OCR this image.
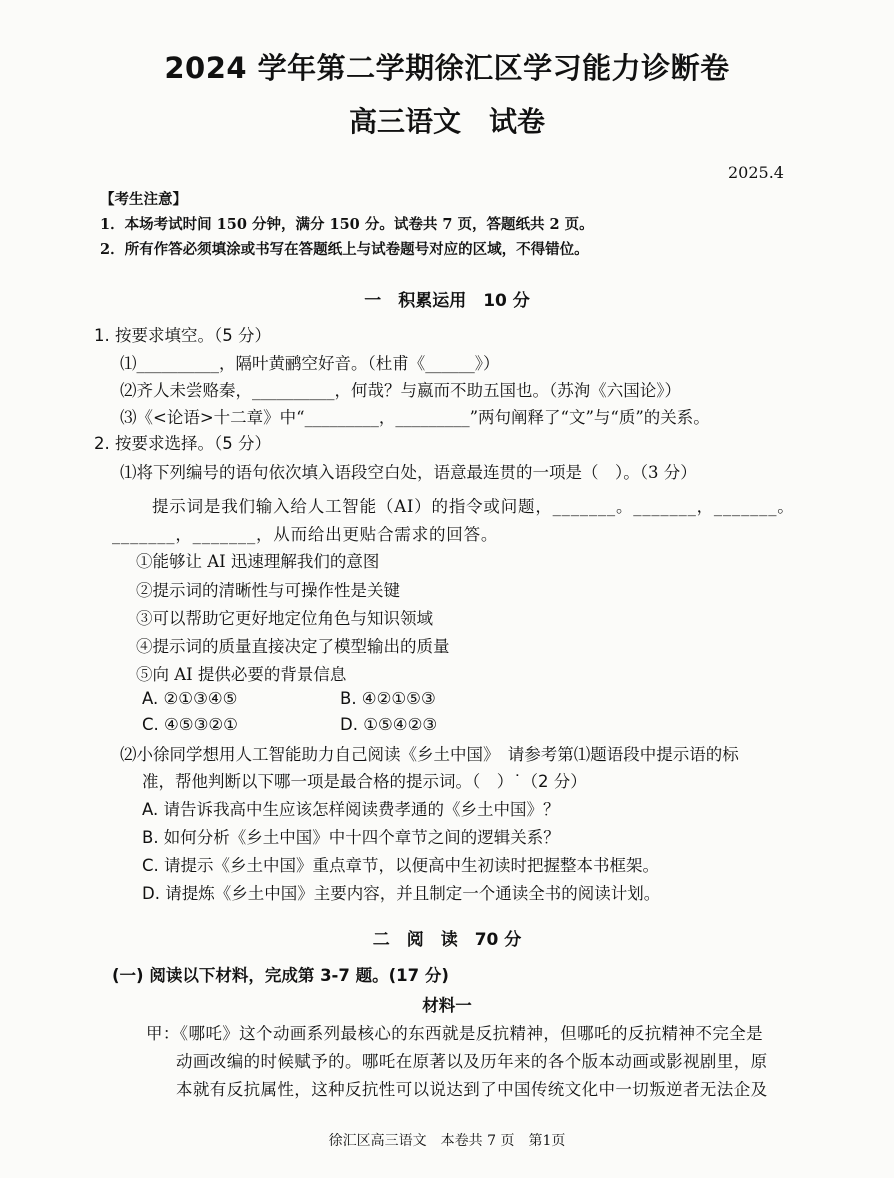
2024 学年第二学期徐汇区学习能力诊断卷
高三语文　试卷
2025.4
【考生注意】
1．本场考试时间 150 分钟，满分 150 分。试卷共 7 页，答题纸共 2 页。
2．所有作答必须填涂或书写在答题纸上与试卷题号对应的区域，不得错位。
一　积累运用　10 分
1. 按要求填空。（5 分）
⑴__________，隔叶黄鹂空好音。（杜甫《______》）
⑵齐人未尝赂秦，__________，何哉？与嬴而不助五国也。（苏洵《六国论》）
⑶《<论语>十二章》中“_________，_________”两句阐释了“文”与“质”的关系。
2. 按要求选择。（5 分）
⑴将下列编号的语句依次填入语段空白处，语意最连贯的一项是（　）。（3 分）
提示词是我们输入给人工智能（AI）的指令或问题，_______。_______，_______。
_______，_______，从而给出更贴合需求的回答。
①能够让 AI 迅速理解我们的意图
②提示词的清晰性与可操作性是关键
③可以帮助它更好地定位角色与知识领域
④提示词的质量直接决定了模型输出的质量
⑤向 AI 提供必要的背景信息
A. ②①③④⑤	B. ④②①⑤③
C. ④⑤③②①	D. ①⑤④②③
⑵小徐同学想用人工智能助力自己阅读《乡土中国》　请参考第⑴题语段中提示语的标
准，帮他判断以下哪一项是最合格的提示词。（　）˙（2 分）
A. 请告诉我高中生应该怎样阅读费孝通的《乡土中国》？
B. 如何分析《乡土中国》中十四个章节之间的逻辑关系？
C. 请提示《乡土中国》重点章节，以便高中生初读时把握整本书框架。
D. 请提炼《乡土中国》主要内容，并且制定一个通读全书的阅读计划。
二　阅　读　70 分
(一) 阅读以下材料，完成第 3-7 题。(17 分)
材料一
甲：《哪吒》这个动画系列最核心的东西就是反抗精神，但哪吒的反抗精神不完全是
动画改编的时候赋予的。哪吒在原著以及历年来的各个版本动画或影视剧里，原
本就有反抗属性，这种反抗性可以说达到了中国传统文化中一切叛逆者无法企及
徐汇区高三语文　本卷共 7 页　第1页
